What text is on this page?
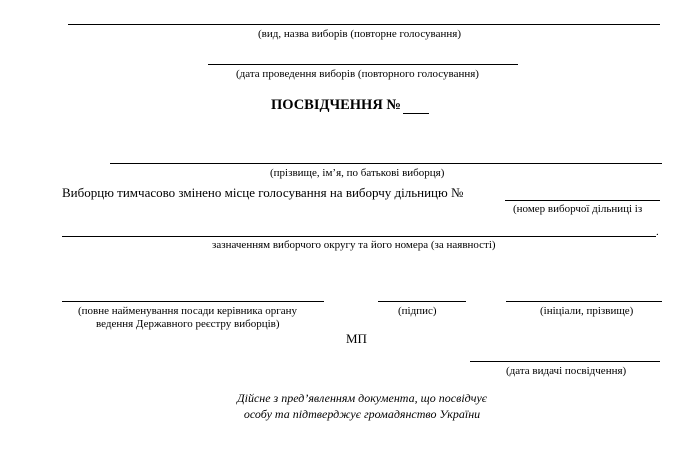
(вид, назва виборів (повторне голосування)
(дата проведення виборів (повторного голосування)
ПОСВІДЧЕННЯ №
(прізвище, ім’я, по батькові виборця)
Виборцю тимчасово змінено місце голосування на виборчу дільницю №
(номер виборчої дільниці із
.
зазначенням виборчого округу та його номера (за наявності)
(повне найменування посади керівника органу
ведення Державного реєстру виборців)
(підпис)	(ініціали, прізвище)
МП
(дата видачі посвідчення)
Дійсне з пред’явленням документа, що посвідчує
особу та підтверджує громадянство України
